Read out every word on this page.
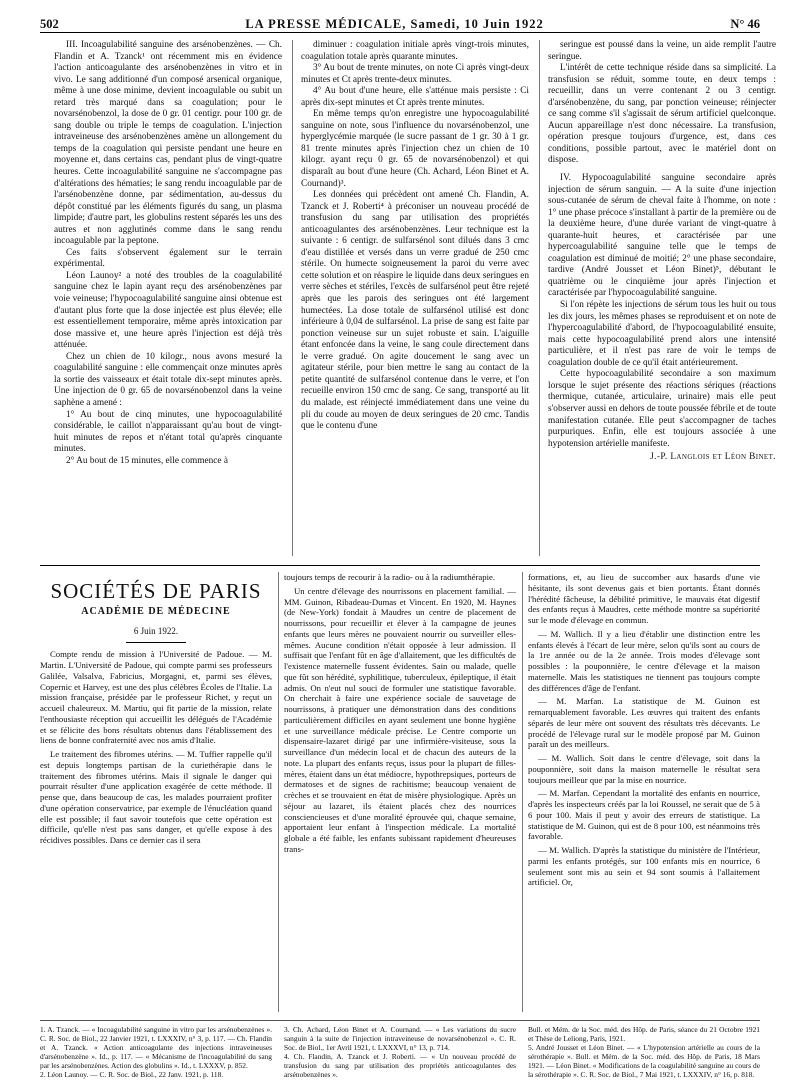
502	LA PRESSE MÉDICALE, Samedi, 10 Juin 1922	N° 46

III. Incoagulabilité sanguine des arsénobenzènes. — Ch. Flandin et A. Tzanck¹ ont récemment mis en évidence l'action anticoagulante des arsénobenzènes in vitro et in vivo. Le sang additionné d'un composé arsenical organique, même à une dose minime, devient incoagulable ou subit un retard très marqué dans sa coagulation; pour le novarsénobenzol, la dose de 0 gr. 01 centigr. pour 100 gr. de sang double ou triple le temps de coagulation. L'injection intraveineuse des arsénobenzènes amène un allongement du temps de la coagulation qui persiste pendant une heure en moyenne et, dans certains cas, pendant plus de vingt-quatre heures. Cette incoagulabilité sanguine ne s'accompagne pas d'altérations des hématies; le sang rendu incoagulable par de l'arsénobenzène donne, par sédimentation, au-dessus du dépôt constitué par les éléments figurés du sang, un plasma limpide; d'autre part, les globulins restent séparés les uns des autres et non agglutinés comme dans le sang rendu incoagulable par la peptone.

Ces faits s'observent également sur le terrain expérimental.

Léon Launoy² a noté des troubles de la coagulabilité sanguine chez le lapin ayant reçu des arsénobenzènes par voie veineuse; l'hypocoagulabilité sanguine ainsi obtenue est d'autant plus forte que la dose injectée est plus élevée; elle est essentiellement temporaire, même après intoxication par dose massive et, une heure après l'injection est déjà très atténuée.

Chez un chien de 10 kilogr., nous avons mesuré la coagulabilité sanguine : elle commençait onze minutes après la sortie des vaisseaux et était totale dix-sept minutes après. Une injection de 0 gr. 65 de novarsénobenzol dans la veine saphène a amené :

1° Au bout de cinq minutes, une hypocoagulabilité considérable, le caillot n'apparaissant qu'au bout de vingt-huit minutes de repos et n'étant total qu'après cinquante minutes.

2° Au bout de 15 minutes, elle commence à

diminuer : coagulation initiale après vingt-trois minutes, coagulation totale après quarante minutes.

3° Au bout de trente minutes, on note Ci après vingt-deux minutes et Ct après trente-deux minutes.

4° Au bout d'une heure, elle s'atténue mais persiste : Ci après dix-sept minutes et Ct après trente minutes.

En même temps qu'on enregistre une hypocoagulabilité sanguine on note, sous l'influence du novarsénobenzol, une hyperglycémie marquée (le sucre passant de 1 gr. 30 à 1 gr. 81 trente minutes après l'injection chez un chien de 10 kilogr. ayant reçu 0 gr. 65 de novarsénobenzol) et qui disparaît au bout d'une heure (Ch. Achard, Léon Binet et A. Cournand)³.

Les données qui précèdent ont amené Ch. Flandin, A. Tzanck et J. Roberti⁴ à préconiser un nouveau procédé de transfusion du sang par utilisation des propriétés anticoagulantes des arsénobenzènes. Leur technique est la suivante : 6 centigr. de sulfarsénol sont dilués dans 3 cmc d'eau distillée et versés dans un verre gradué de 250 cmc stérile. On humecte soigneusement la paroi du verre avec cette solution et on réaspire le liquide dans deux seringues en verre sèches et stériles, l'excès de sulfarsénol peut être rejeté après que les parois des seringues ont été largement humectées. La dose totale de sulfarsénol utilisé est donc inférieure à 0,04 de sulfarsénol. La prise de sang est faite par ponction veineuse sur un sujet robuste et sain. L'aiguille étant enfoncée dans la veine, le sang coule directement dans le verre gradué. On agite doucement le sang avec un agitateur stérile, pour bien mettre le sang au contact de la petite quantité de sulfarsénol contenue dans le verre, et l'on recueille environ 150 cmc de sang. Ce sang, transporté au lit du malade, est réinjecté immédiatement dans une veine du pli du coude au moyen de deux seringues de 20 cmc. Tandis que le contenu d'une

seringue est poussé dans la veine, un aide remplit l'autre seringue.

L'intérêt de cette technique réside dans sa simplicité. La transfusion se réduit, somme toute, en deux temps : recueillir, dans un verre contenant 2 ou 3 centigr. d'arsénobenzène, du sang, par ponction veineuse; réinjecter ce sang comme s'il s'agissait de sérum artificiel quelconque. Aucun appareillage n'est donc nécessaire. La transfusion, opération presque toujours d'urgence, est, dans ces conditions, possible partout, avec le matériel dont on dispose.

IV. Hypocoagulabilité sanguine secondaire après injection de sérum sanguin. — A la suite d'une injection sous-cutanée de sérum de cheval faite à l'homme, on note : 1° une phase précoce s'installant à partir de la première ou de la deuxième heure, d'une durée variant de vingt-quatre à quarante-huit heures, et caractérisée par une hypercoagulabilité sanguine telle que le temps de coagulation est diminué de moitié; 2° une phase secondaire, tardive (André Jousset et Léon Binet)⁵, débutant le quatrième ou le cinquième jour après l'injection et caractérisée par l'hypocoagulabilité sanguine.

Si l'on répète les injections de sérum tous les huit ou tous les dix jours, les mêmes phases se reproduisent et on note de l'hypercoagulabilité d'abord, de l'hypocoagulabilité ensuite, mais cette hypocoagulabilité prend alors une intensité particulière, et il n'est pas rare de voir le temps de coagulation double de ce qu'il était antérieurement.

Cette hypocoagulabilité secondaire a son maximum lorsque le sujet présente des réactions sériques (réactions thermique, cutanée, articulaire, urinaire) mais elle peut s'observer aussi en dehors de toute poussée fébrile et de toute manifestation cutanée. Elle peut s'accompagner de taches purpuriques. Enfin, elle est toujours associée à une hypotension artérielle manifeste.

J.-P. Langlois et Léon Binet.

SOCIÉTÉS DE PARIS
ACADÉMIE DE MÉDECINE
6 Juin 1922.

Compte rendu de mission à l'Université de Padoue. — M. Martin. L'Université de Padoue, qui compte parmi ses professeurs Galilée, Valsalva, Fabricius, Morgagni, et, parmi ses élèves, Copernic et Harvey, est une des plus célèbres Écoles de l'Italie. La mission française, présidée par le professeur Richet, y reçut un accueil chaleureux. M. Martiu, qui fit partie de la mission, relate l'enthousiaste réception qui accueillit les délégués de l'Académie et se félicite des bons résultats obtenus dans l'établissement des liens de bonne confraternité avec nos amis d'Italie.

Le traitement des fibromes utérins. — M. Tuffier rappelle qu'il est depuis longtemps partisan de la curiethérapie dans le traitement des fibromes utérins. Mais il signale le danger qui pourrait résulter d'une application exagérée de cette méthode. Il pense que, dans beaucoup de cas, les malades pourraient profiter d'une opération conservatrice, par exemple de l'énucléation quand elle est possible; il faut savoir toutefois que cette opération est difficile, qu'elle n'est pas sans danger, et qu'elle expose à des récidives possibles. Dans ce dernier cas il sera

toujours temps de recourir à la radio- ou à la radiumthérapie.

Un centre d'élevage des nourrissons en placement familial. — MM. Guinon, Ribadeau-Dumas et Vincent. En 1920, M. Haynes (de New-York) fondait à Maudres un centre de placement de nourrissons, pour recueillir et élever à la campagne de jeunes enfants que leurs mères ne pouvaient nourrir ou surveiller elles-mêmes. Aucune condition n'était opposée à leur admission. Il suffisait que l'enfant fût en âge d'allaitement, que les difficultés de l'existence maternelle fussent évidentes. Sain ou malade, quelle que fût son hérédité, syphilitique, tuberculeux, épileptique, il était admis. On n'eut nul souci de formuler une statistique favorable. On cherchait à faire une expérience sociale de sauvetage de nourrissons, à pratiquer une démonstration dans des conditions particulièrement difficiles en ayant seulement une bonne hygiène et une surveillance médicale précise. Le Centre comporte un dispensaire-lazaret dirigé par une infirmière-visiteuse, sous la surveillance d'un médecin local et de chacun des auteurs de la note. La plupart des enfants reçus, issus pour la plupart de filles-mères, étaient dans un état médiocre, hypothrepsiques, porteurs de dermatoses et de signes de rachitisme; beaucoup venaient de crèches et se trouvaient en état de misère physiologique. Après un séjour au lazaret, ils étaient placés chez des nourrices consciencieuses et d'une moralité éprouvée qui, chaque semaine, apportaient leur enfant à l'inspection médicale. La mortalité globale a été faible, les enfants subissant rapidement d'heureuses trans-

formations, et, au lieu de succomber aux hasards d'une vie hésitante, ils sont devenus gais et bien portants. Étant donnés l'hérédité fâcheuse, la débilité primitive, le mauvais état digestif des enfants reçus à Maudres, cette méthode montre sa supériorité sur le mode d'élevage en commun.

— M. Wallich. Il y a lieu d'établir une distinction entre les enfants élevés à l'écart de leur mère, selon qu'ils sont au cours de la 1re année ou de la 2e année. Trois modes d'élevage sont possibles : la pouponnière, le centre d'élevage et la maison maternelle. Mais les statistiques ne tiennent pas toujours compte des différences d'âge de l'enfant.

— M. Marfan. La statistique de M. Guinon est remarquablement favorable. Les œuvres qui traitent des enfants séparés de leur mère ont souvent des résultats très décevants. Le procédé de l'élevage rural sur le modèle proposé par M. Guinon paraît un des meilleurs.

— M. Wallich. Soit dans le centre d'élevage, soit dans la pouponnière, soit dans la maison maternelle le résultat sera toujours meilleur que par la mise en nourrice.

— M. Marfan. Cependant la mortalité des enfants en nourrice, d'après les inspecteurs créés par la loi Roussel, ne serait que de 5 à 6 pour 100. Mais il peut y avoir des erreurs de statistique. La statistique de M. Guinon, qui est de 8 pour 100, est néanmoins très favorable.

— M. Wallich. D'après la statistique du ministère de l'Intérieur, parmi les enfants protégés, sur 100 enfants mis en nourrice, 6 seulement sont mis au sein et 94 sont soumis à l'allaitement artificiel. Or,

1. A. Tzanck. — « Incoagulabilité sanguine in vitro par les arsénobenzènes ». C. R. Soc. de Biol., 22 Janvier 1921, t. LXXXIV, n° 3, p. 117. — Ch. Flandin et A. Tzanck. « Action anticoagulante des injections intraveineuses d'arsénobenzène ». Id., p. 117. — « Mécanisme de l'incoagulabilité du sang par les arsénobenzènes. Action des globulins ». Id., t. LXXXV, p. 852.

2. Léon Launoy. — C. R. Soc. de Biol., 22 Janv. 1921, p. 118.

3. Ch. Achard, Léon Binet et A. Cournand. — « Les variations du sucre sanguin à la suite de l'injection intraveineuse de novarsénobenzol ». C. R. Soc. de Biol., 1er Avril 1921, t. LXXXVI, n° 13, p. 714.

4. Ch. Flandin, A. Tzanck et J. Roberti. — « Un nouveau procédé de transfusion du sang par utilisation des propriétés anticoagulantes des arsénobenzènes ».

Bull. et Mém. de la Soc. méd. des Hôp. de Paris, séance du 21 Octobre 1921 et Thèse de Leliong, Paris, 1921.

5. André Jousset et Léon Binet. — « L'hypotension artérielle au cours de la sérothérapie ». Bull. et Mém. de la Soc. méd. des Hôp. de Paris, 18 Mars 1921. — Léon Binet. « Modifications de la coagulabilité sanguine au cours de la sérothérapie ». C. R. Soc. de Biol., 7 Mai 1921, t. LXXXIV, n° 16, p. 818.
